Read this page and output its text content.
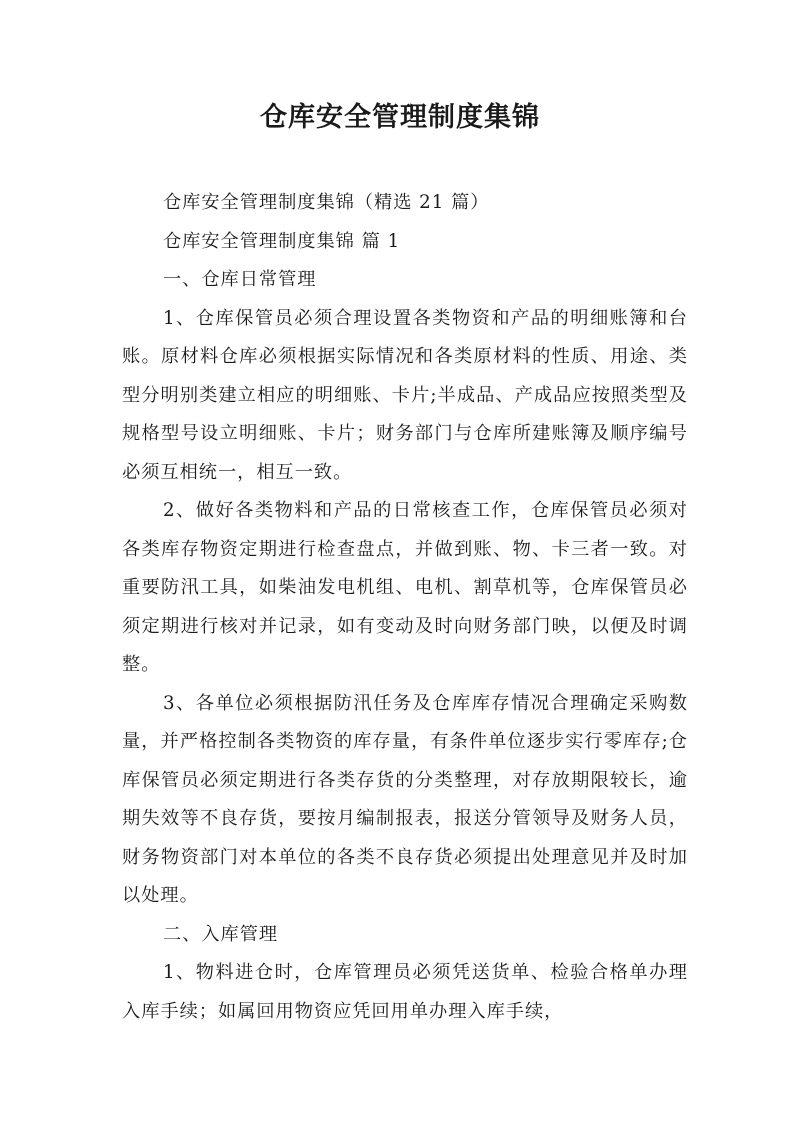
仓库安全管理制度集锦

仓库安全管理制度集锦（精选 21 篇）

仓库安全管理制度集锦 篇 1

一、仓库日常管理

1、仓库保管员必须合理设置各类物资和产品的明细账簿和台账。原材料仓库必须根据实际情况和各类原材料的性质、用途、类型分明别类建立相应的明细账、卡片;半成品、产成品应按照类型及规格型号设立明细账、卡片；财务部门与仓库所建账簿及顺序编号必须互相统一，相互一致。

2、做好各类物料和产品的日常核查工作，仓库保管员必须对各类库存物资定期进行检查盘点，并做到账、物、卡三者一致。对重要防汛工具，如柴油发电机组、电机、割草机等，仓库保管员必须定期进行核对并记录，如有变动及时向财务部门映，以便及时调整。

3、各单位必须根据防汛任务及仓库库存情况合理确定采购数量，并严格控制各类物资的库存量，有条件单位逐步实行零库存;仓库保管员必须定期进行各类存货的分类整理，对存放期限较长，逾期失效等不良存货，要按月编制报表，报送分管领导及财务人员，财务物资部门对本单位的各类不良存货必须提出处理意见并及时加以处理。

二、入库管理

1、物料进仓时，仓库管理员必须凭送货单、检验合格单办理入库手续；如属回用物资应凭回用单办理入库手续，
